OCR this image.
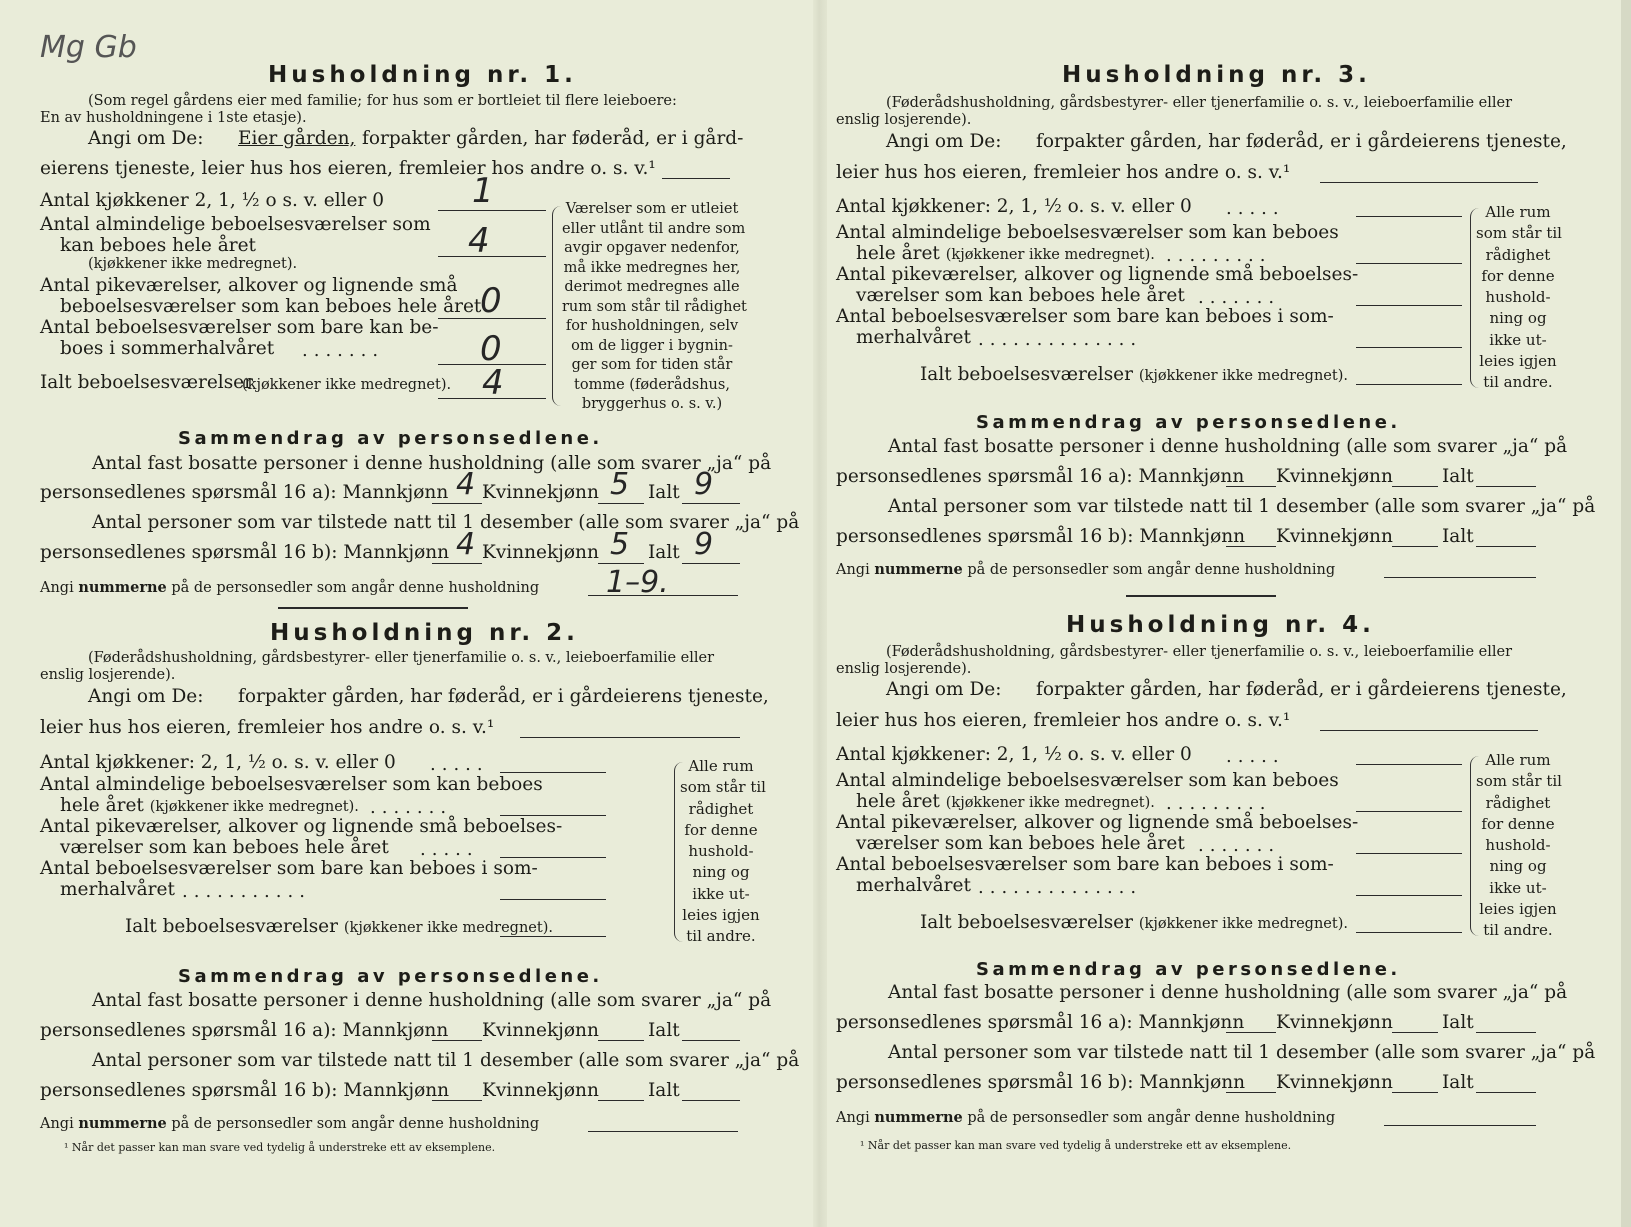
Mg Gb
Husholdning nr. 1.
(Som regel gårdens eier med familie; for hus som er bortleiet til flere leieboere:
En av husholdningene i 1ste etasje).
Angi om De: Eier gården, forpakter gården, har føderåd, er i gård-
eierens tjeneste, leier hus hos eieren, fremleier hos andre o. s. v.¹
Antal kjøkkener 2, 1, ½ o s. v. eller 0	1
Antal almindelige beboelsesværelser som
kan beboes hele året
(kjøkkener ikke medregnet).
4
Antal pikeværelser, alkover og lignende små
beboelsesværelser som kan beboes hele året
0
Antal beboelsesværelser som bare kan be-
boes i sommerhalvåret .......	0
Ialt beboelsesværelser
(kjøkkener ikke medregnet). 4
Værelser som er utleiet
eller utlånt til andre som
avgir opgaver nedenfor,
må ikke medregnes her,
derimot medregnes alle
rum som står til rådighet
for husholdningen, selv
om de ligger i bygnin-
ger som for tiden står
tomme (føderådshus,
bryggerhus o. s. v.)
Sammendrag av personsedlene.
Antal fast bosatte personer i denne husholdning (alle som svarer „ja“ på
personsedlenes spørsmål 16 a): Mannkjønn 4 Kvinnekjønn 5 Ialt 9
Antal personer som var tilstede natt til 1 desember (alle som svarer „ja“ på
personsedlenes spørsmål 16 b): Mannkjønn 4 Kvinnekjønn 5 Ialt 9
Angi nummerne på de personsedler som angår denne husholdning 1–9.
Husholdning nr. 2.
(Føderådshusholdning, gårdsbestyrer- eller tjenerfamilie o. s. v., leieboerfamilie eller
enslig losjerende).
Angi om De: forpakter gården, har føderåd, er i gårdeierens tjeneste,
leier hus hos eieren, fremleier hos andre o. s. v.¹
Antal kjøkkener: 2, 1, ½ o. s. v. eller 0 .....
Antal almindelige beboelsesværelser som kan beboes
hele året (kjøkkener ikke medregnet). .......
Antal pikeværelser, alkover og lignende små beboelses-
værelser som kan beboes hele året .....
Antal beboelsesværelser som bare kan beboes i som-
merhalvåret ...........
Ialt beboelsesværelser (kjøkkener ikke medregnet).
Alle rum
som står til
rådighet
for denne
hushold-
ning og
ikke ut-
leies igjen
til andre.
Sammendrag av personsedlene.
Antal fast bosatte personer i denne husholdning (alle som svarer „ja“ på
personsedlenes spørsmål 16 a): Mannkjønn Kvinnekjønn	Ialt
Antal personer som var tilstede natt til 1 desember (alle som svarer „ja“ på
personsedlenes spørsmål 16 b): Mannkjønn Kvinnekjønn	Ialt
Angi nummerne på de personsedler som angår denne husholdning
¹ Når det passer kan man svare ved tydelig å understreke ett av eksemplene.
Husholdning nr. 3.
(Føderådshusholdning, gårdsbestyrer- eller tjenerfamilie o. s. v., leieboerfamilie eller
enslig losjerende).
Angi om De: forpakter gården, har føderåd, er i gårdeierens tjeneste,
leier hus hos eieren, fremleier hos andre o. s. v.¹
Antal kjøkkener: 2, 1, ½ o. s. v. eller 0 .....
Antal almindelige beboelsesværelser som kan beboes
hele året (kjøkkener ikke medregnet). .........
Antal pikeværelser, alkover og lignende små beboelses-
værelser som kan beboes hele året .......
Antal beboelsesværelser som bare kan beboes i som-
merhalvåret ..............
Ialt beboelsesværelser (kjøkkener ikke medregnet).
Alle rum
som står til
rådighet
for denne
hushold-
ning og
ikke ut-
leies igjen
til andre.
Sammendrag av personsedlene.
Antal fast bosatte personer i denne husholdning (alle som svarer „ja“ på
personsedlenes spørsmål 16 a): Mannkjønn Kvinnekjønn	Ialt
Antal personer som var tilstede natt til 1 desember (alle som svarer „ja“ på
personsedlenes spørsmål 16 b): Mannkjønn Kvinnekjønn	Ialt
Angi nummerne på de personsedler som angår denne husholdning
Husholdning nr. 4.
(Føderådshusholdning, gårdsbestyrer- eller tjenerfamilie o. s. v., leieboerfamilie eller
enslig losjerende).
Angi om De: forpakter gården, har føderåd, er i gårdeierens tjeneste,
leier hus hos eieren, fremleier hos andre o. s. v.¹
Antal kjøkkener: 2, 1, ½ o. s. v. eller 0 .....
Antal almindelige beboelsesværelser som kan beboes
hele året (kjøkkener ikke medregnet). .........
Antal pikeværelser, alkover og lignende små beboelses-
værelser som kan beboes hele året .......
Antal beboelsesværelser som bare kan beboes i som-
merhalvåret ..............
Ialt beboelsesværelser (kjøkkener ikke medregnet).
Alle rum
som står til
rådighet
for denne
hushold-
ning og
ikke ut-
leies igjen
til andre.
Sammendrag av personsedlene.
Antal fast bosatte personer i denne husholdning (alle som svarer „ja“ på
personsedlenes spørsmål 16 a): Mannkjønn Kvinnekjønn	Ialt
Antal personer som var tilstede natt til 1 desember (alle som svarer „ja“ på
personsedlenes spørsmål 16 b): Mannkjønn Kvinnekjønn	Ialt
Angi nummerne på de personsedler som angår denne husholdning
¹ Når det passer kan man svare ved tydelig å understreke ett av eksemplene.
